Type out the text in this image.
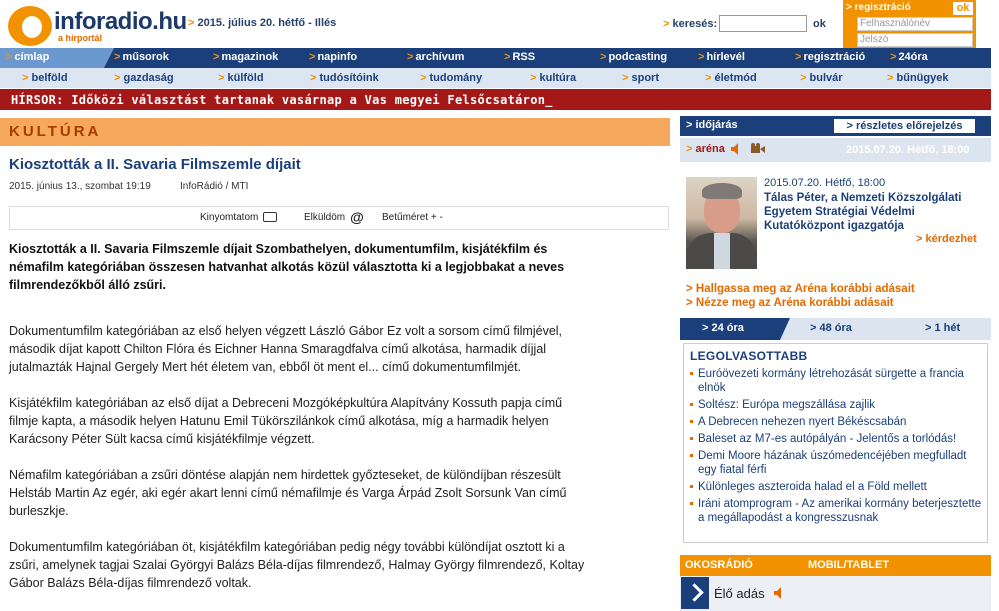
inforadio.hu
a hírportál
> 2015. július 20. hétfő - Illés	> keresés:	ok
> regisztráció	ok
Felhasználónév
Jelszó
> címlap	> műsorok	> magazinok	> napinfo	> archívum	> RSS	> podcasting	> hírlevél	> regisztráció > 24óra
> belföld	> gazdaság	> külföld	> tudósítóink	> tudomány	> kultúra	> sport	> életmód	> bulvár	> bűnügyek
HÍRSOR: Időközi választást tartanak vasárnap a Vas megyei Felsőcsatáron_
KULTÚRA
Kiosztották a II. Savaria Filmszemle díjait
2015. június 13., szombat 19:19	InfoRádió / MTI
Kinyomtatom	Elküldöm @ Betűméret + -
Kiosztották a II. Savaria Filmszemle díjait Szombathelyen, dokumentumfilm, kisjátékfilm és
némafilm kategóriában összesen hatvanhat alkotás közül választotta ki a legjobbakat a neves
filmrendezőkből álló zsűri.
Dokumentumfilm kategóriában az első helyen végzett László Gábor Ez volt a sorsom című filmjével,
második díjat kapott Chilton Flóra és Eichner Hanna Smaragdfalva című alkotása, harmadik díjjal
jutalmazták Hajnal Gergely Mert hét életem van, ebből öt ment el... című dokumentumfilmjét.
Kisjátékfilm kategóriában az első díjat a Debreceni Mozgóképkultúra Alapítvány Kossuth papja című
filmje kapta, a második helyen Hatunu Emil Tükörszilánkok című alkotása, míg a harmadik helyen
Karácsony Péter Sült kacsa című kisjátékfilmje végzett.
Némafilm kategóriában a zsűri döntése alapján nem hirdettek győzteseket, de különdíjban részesült
Helstáb Martin Az egér, aki egér akart lenni című némafilmje és Varga Árpád Zsolt Sorsunk Van című
burleszkje.
Dokumentumfilm kategóriában öt, kisjátékfilm kategóriában pedig négy további különdíjat osztott ki a
zsűri, amelynek tagjai Szalai Györgyi Balázs Béla-díjas filmrendező, Halmay György filmrendező, Koltay
Gábor Balázs Béla-díjas filmrendező voltak.
> időjárás	> részletes előrejelzés
> aréna	2015.07.20. Hétfő, 18:00
2015.07.20. Hétfő, 18:00
Tálas Péter, a Nemzeti Közszolgálati Egyetem Stratégiai Védelmi Kutatóközpont igazgatója
> kérdezhet
> Hallgassa meg az Aréna korábbi adásait
> Nézze meg az Aréna korábbi adásait
> 24 óra	> 48 óra	> 1 hét
LEGOLVASOTTABB
Euróövezeti kormány létrehozását sürgette a francia elnök
Soltész: Európa megszállása zajlik
A Debrecen nehezen nyert Békéscsabán
Baleset az M7-es autópályán - Jelentős a torlódás!
Demi Moore házának úszómedencéjében megfulladt egy fiatal férfi
Különleges aszteroida halad el a Föld mellett
Iráni atomprogram - Az amerikai kormány beterjesztette a megállapodást a kongresszusnak
OKOSRÁDIÓ	MOBIL/TABLET
Élő adás
